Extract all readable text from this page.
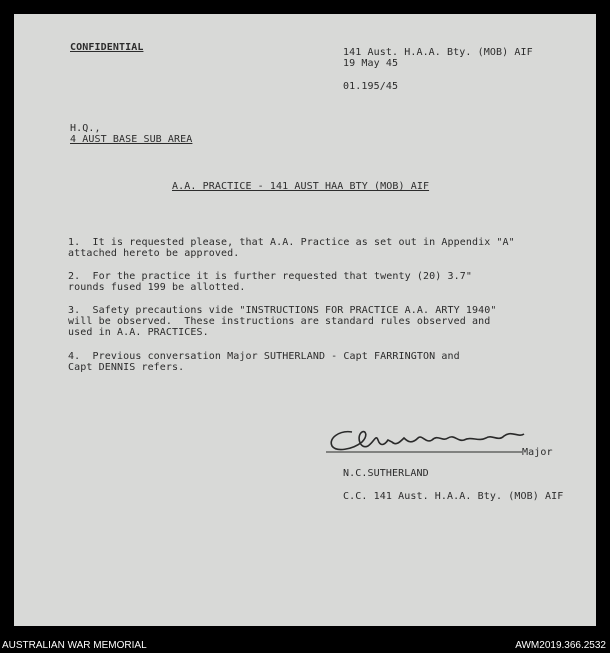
CONFIDENTIAL	141 Aust. H.A.A. Bty. (MOB) AIF
19 May 45
01.195/45
H.Q.,
4 AUST BASE SUB AREA
A.A. PRACTICE - 141 AUST HAA BTY (MOB) AIF
1.  It is requested please, that A.A. Practice as set out in Appendix "A"
attached hereto be approved.
2.  For the practice it is further requested that twenty (20) 3.7"
rounds fused 199 be allotted.
3.  Safety precautions vide "INSTRUCTIONS FOR PRACTICE A.A. ARTY 1940"
will be observed.  These instructions are standard rules observed and
used in A.A. PRACTICES.
4.  Previous conversation Major SUTHERLAND - Capt FARRINGTON and
Capt DENNIS refers.
Major
N.C.SUTHERLAND
C.C. 141 Aust. H.A.A. Bty. (MOB) AIF
AUSTRALIAN WAR MEMORIAL	AWM2019.366.2532
